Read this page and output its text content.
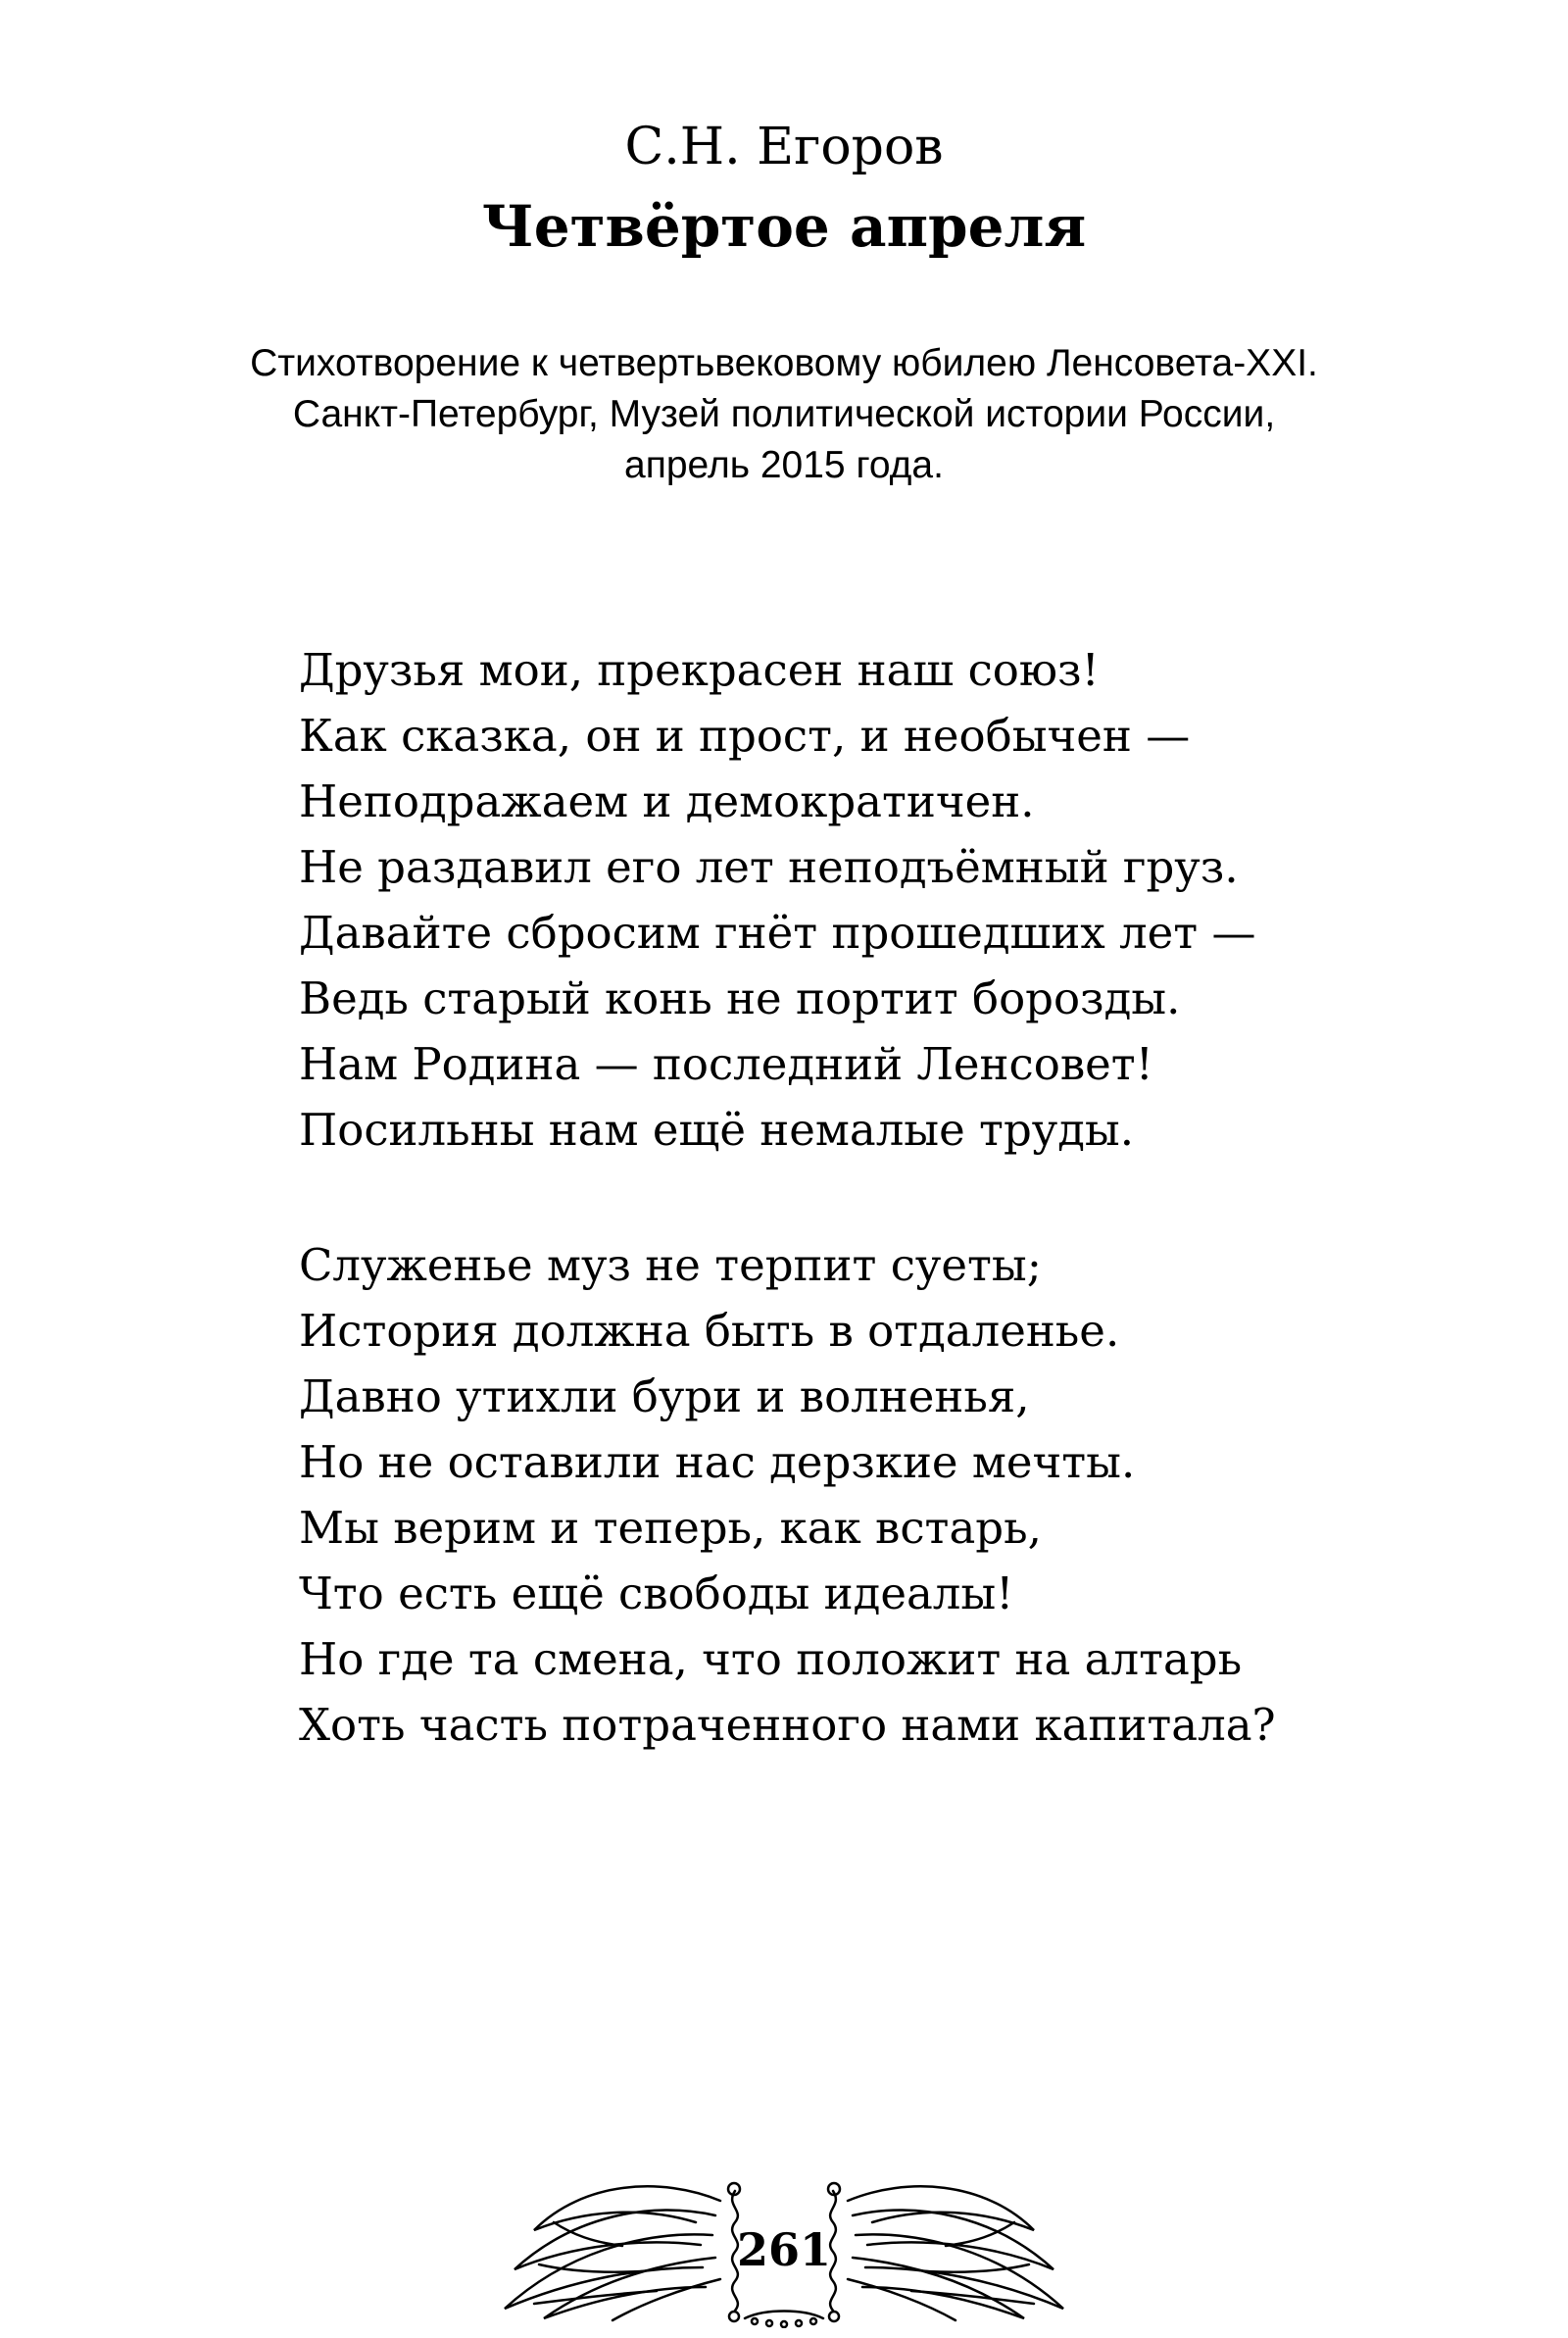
С.Н. Егоров
Четвёртое апреля
Стихотворение к четвертьвековому юбилею Ленсовета-XXI.
Санкт-Петербург, Музей политической истории России,
апрель 2015 года.
Друзья мои, прекрасен наш союз!
Как сказка, он и прост, и необычен —
Неподражаем и демократичен.
Не раздавил его лет неподъёмный груз.
Давайте сбросим гнёт прошедших лет —
Ведь старый конь не портит борозды.
Нам Родина — последний Ленсовет!
Посильны нам ещё немалые труды.
Служенье муз не терпит суеты;
История должна быть в отдаленье.
Давно утихли бури и волненья,
Но не оставили нас дерзкие мечты.
Мы верим и теперь, как встарь,
Что есть ещё свободы идеалы!
Но где та смена, что положит на алтарь
Хоть часть потраченного нами капитала?
261
